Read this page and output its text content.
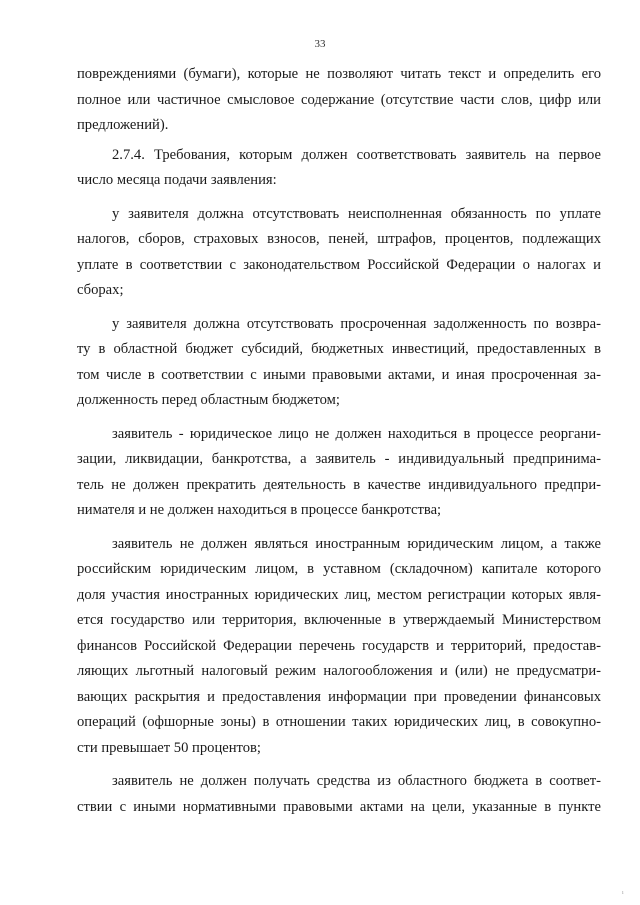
33
повреждениями (бумаги), которые не позволяют читать текст и определить его
полное или частичное смысловое содержание (отсутствие части слов, цифр или
предложений).
2.7.4. Требования, которым должен соответствовать заявитель на первое
число месяца подачи заявления:
у заявителя должна отсутствовать неисполненная обязанность по уплате
налогов, сборов, страховых взносов, пеней, штрафов, процентов, подлежащих
уплате в соответствии с законодательством Российской Федерации о налогах и
сборах;
у заявителя должна отсутствовать просроченная задолженность по возвра-
ту в областной бюджет субсидий, бюджетных инвестиций, предоставленных в
том числе в соответствии с иными правовыми актами, и иная просроченная за-
долженность перед областным бюджетом;
заявитель - юридическое лицо не должен находиться в процессе реоргани-
зации, ликвидации, банкротства, а заявитель - индивидуальный предпринима-
тель не должен прекратить деятельность в качестве индивидуального предпри-
нимателя и не должен находиться в процессе банкротства;
заявитель не должен являться иностранным юридическим лицом, а также
российским юридическим лицом, в уставном (складочном) капитале которого
доля участия иностранных юридических лиц, местом регистрации которых явля-
ется государство или территория, включенные в утверждаемый Министерством
финансов Российской Федерации перечень государств и территорий, предостав-
ляющих льготный налоговый режим налогообложения и (или) не предусматри-
вающих раскрытия и предоставления информации при проведении финансовых
операций (офшорные зоны) в отношении таких юридических лиц, в совокупно-
сти превышает 50 процентов;
заявитель не должен получать средства из областного бюджета в соответ-
ствии с иными нормативными правовыми актами на цели, указанные в пункте
ı
